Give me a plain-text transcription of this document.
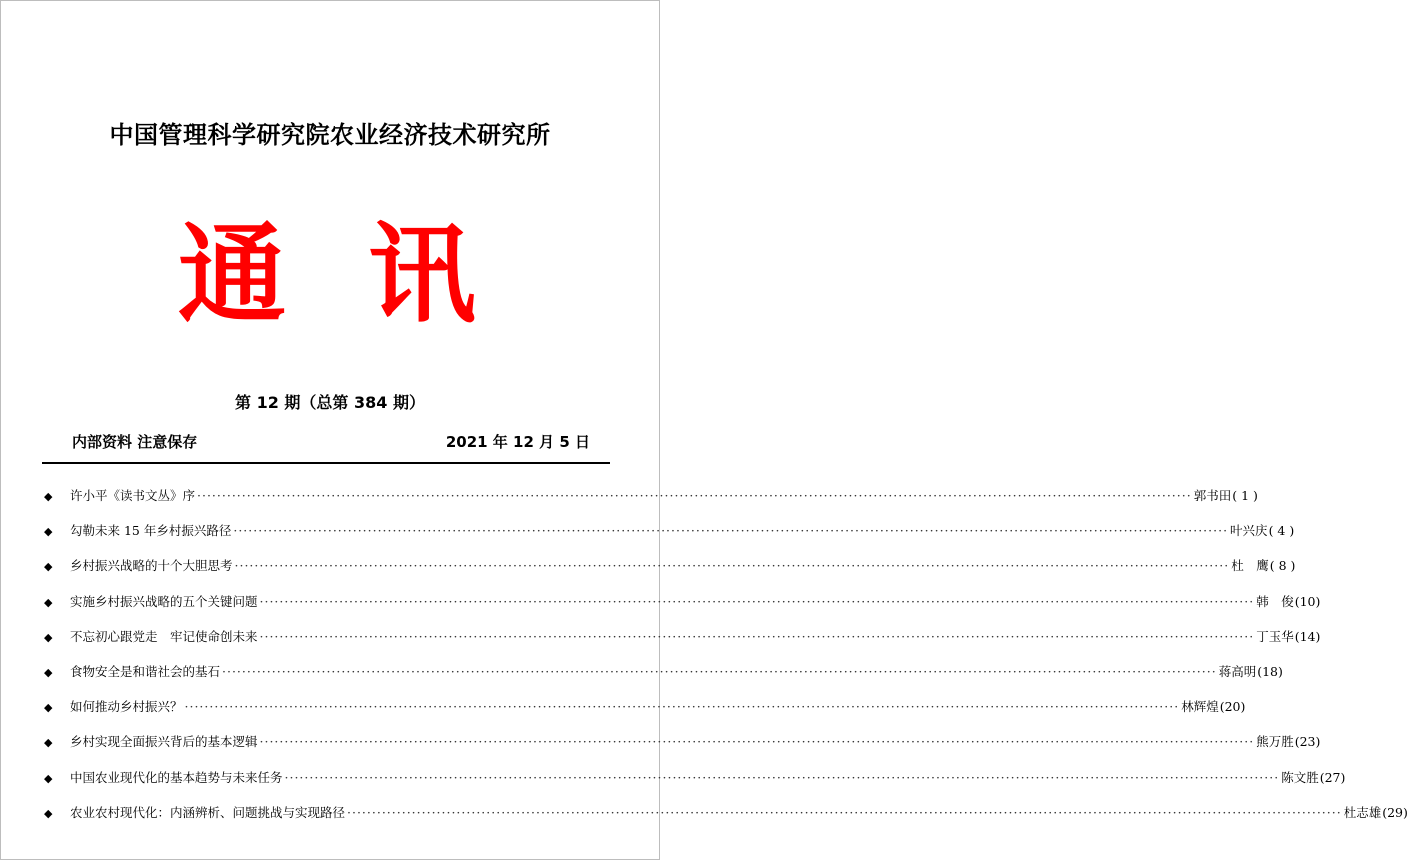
中国管理科学研究院农业经济技术研究所
通 讯
第 12 期（总第 384 期）
内部资料 注意保存	2021 年 12 月 5 日
◆	许小平《读书文丛》序 ········································································································································································································ 郭书田 ( 1 )
◆	勾勒未来 15 年乡村振兴路径 ········································································································································································································ 叶兴庆 ( 4 )
◆	乡村振兴战略的十个大胆思考 ········································································································································································································ 杜　鹰 ( 8 )
◆	实施乡村振兴战略的五个关键问题 ········································································································································································································ 韩　俊 (10)
◆	不忘初心跟党走　牢记使命创未来 ········································································································································································································ 丁玉华 (14)
◆	食物安全是和谐社会的基石 ········································································································································································································ 蒋高明 (18)
◆	如何推动乡村振兴？ ········································································································································································································ 林辉煌 (20)
◆	乡村实现全面振兴背后的基本逻辑 ········································································································································································································ 熊万胜 (23)
◆	中国农业现代化的基本趋势与未来任务 ········································································································································································································ 陈文胜 (27)
◆	农业农村现代化：内涵辨析、问题挑战与实现路径 ········································································································································································································ 杜志雄 (29)
